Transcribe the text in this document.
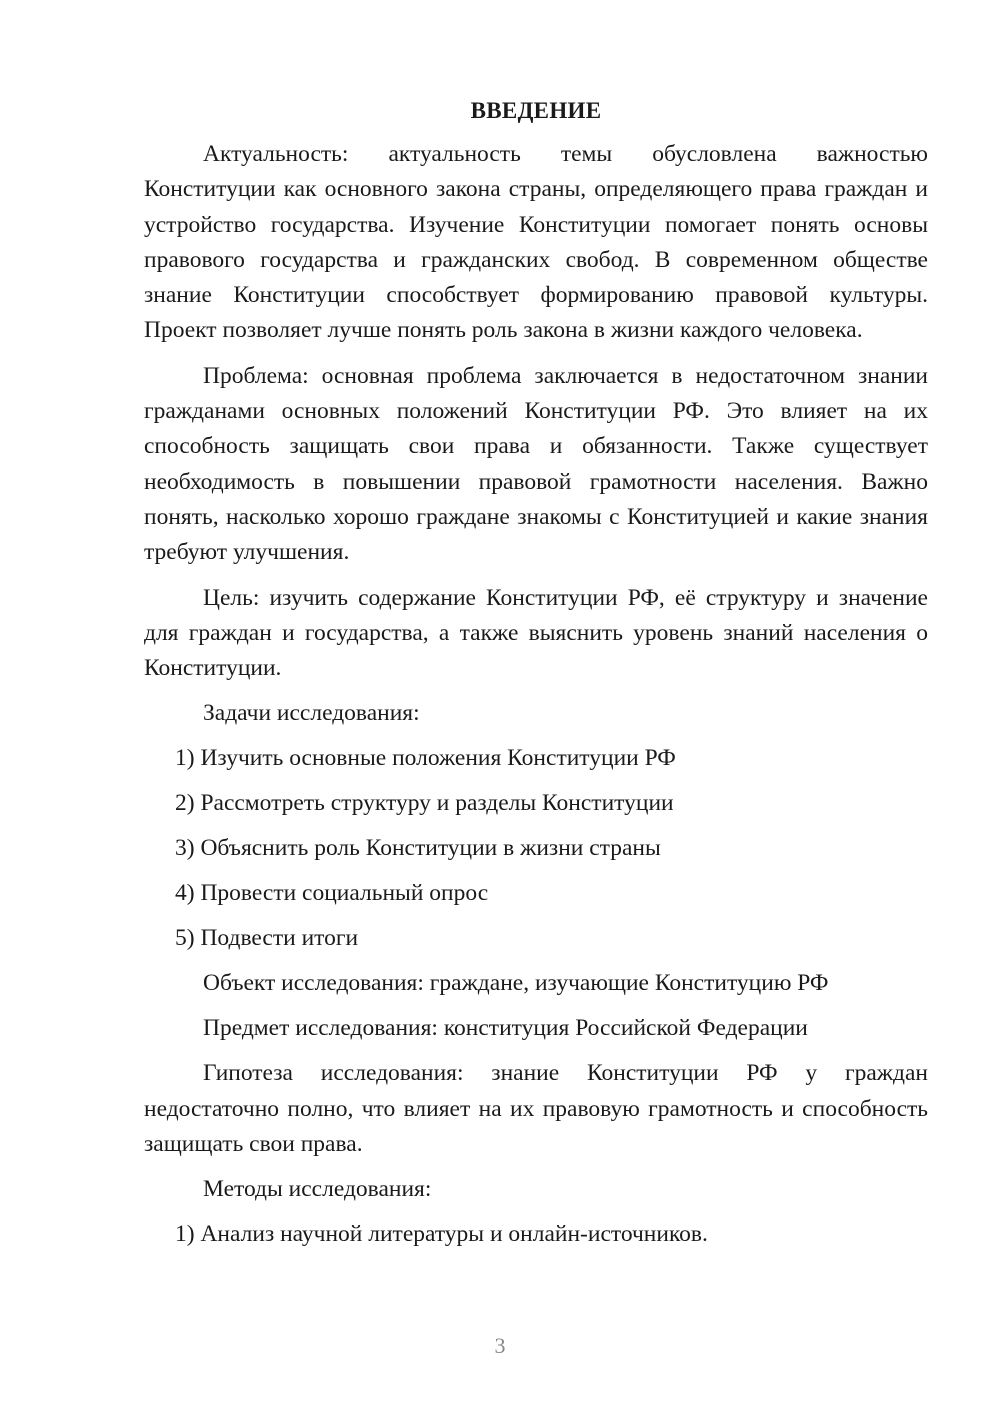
ВВЕДЕНИЕ

Актуальность: актуальность темы обусловлена важностью Конституции как основного закона страны, определяющего права граждан и устройство государства. Изучение Конституции помогает понять основы правового государства и гражданских свобод. В современном обществе знание Конституции способствует формированию правовой культуры. Проект позволяет лучше понять роль закона в жизни каждого человека.

Проблема: основная проблема заключается в недостаточном знании гражданами основных положений Конституции РФ. Это влияет на их способность защищать свои права и обязанности. Также существует необходимость в повышении правовой грамотности населения. Важно понять, насколько хорошо граждане знакомы с Конституцией и какие знания требуют улучшения.

Цель: изучить содержание Конституции РФ, её структуру и значение для граждан и государства, а также выяснить уровень знаний населения о Конституции.

Задачи исследования:

1) Изучить основные положения Конституции РФ

2) Рассмотреть структуру и разделы Конституции

3) Объяснить роль Конституции в жизни страны

4) Провести социальный опрос

5) Подвести итоги

Объект исследования: граждане, изучающие Конституцию РФ

Предмет исследования: конституция Российской Федерации

Гипотеза исследования: знание Конституции РФ у граждан недостаточно полно, что влияет на их правовую грамотность и способность защищать свои права.

Методы исследования:

1) Анализ научной литературы и онлайн-источников.

3
